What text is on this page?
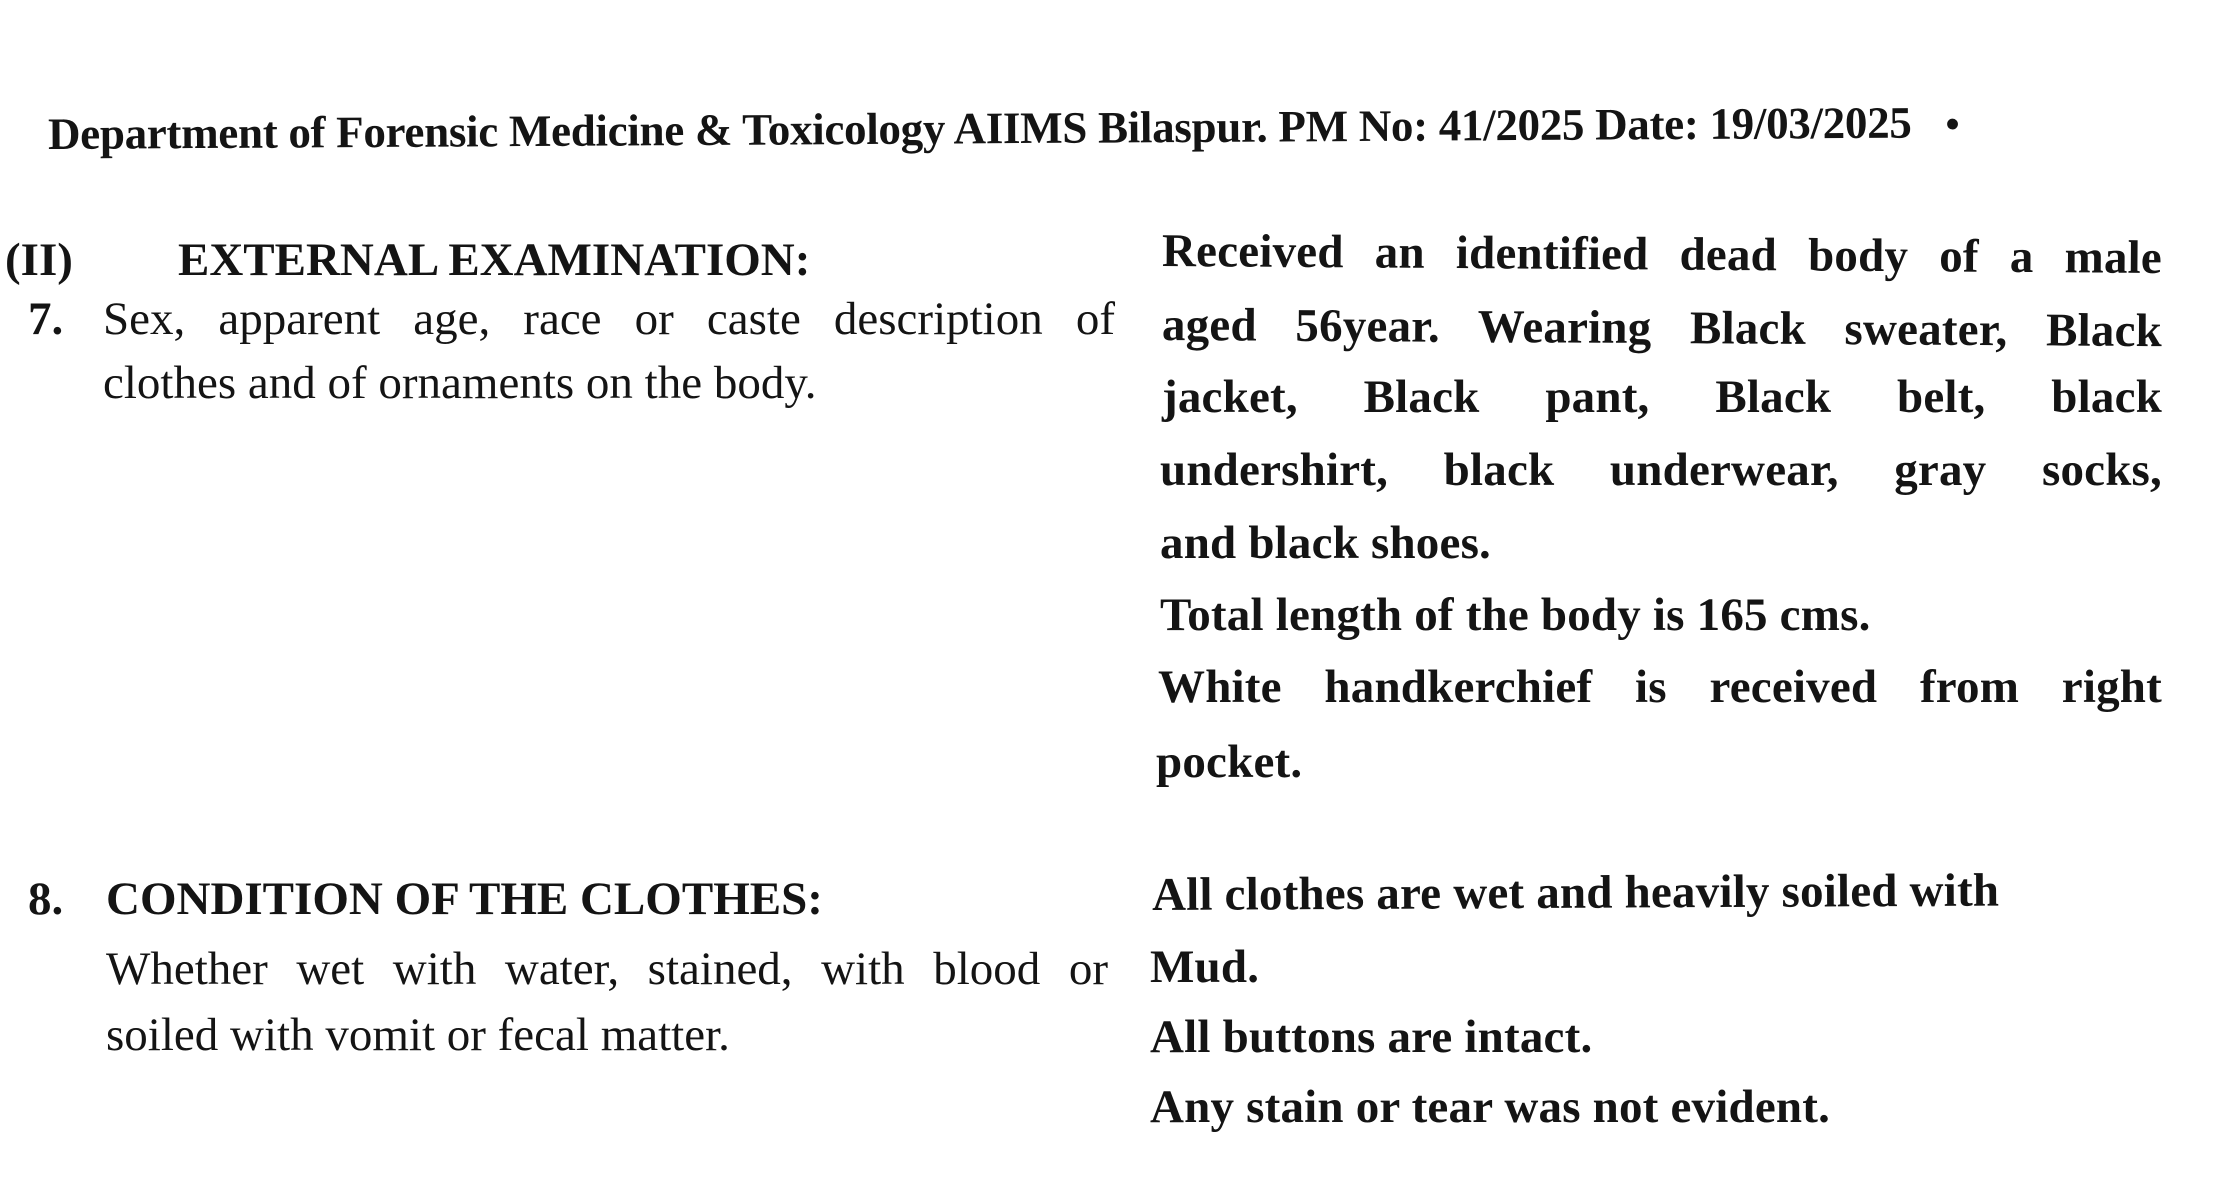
Department of Forensic Medicine & Toxicology AIIMS Bilaspur. PM No: 41/2025 Date: 19/03/2025 •
(II) EXTERNAL EXAMINATION:
7. Sex, apparent age, race or caste description of
clothes and of ornaments on the body.
Received an identified dead body of a male
aged 56year. Wearing Black sweater, Black
jacket, Black pant, Black belt, black
undershirt, black underwear, gray socks,
and black shoes.
Total length of the body is 165 cms.
White handkerchief is received from right
pocket.
8. CONDITION OF THE CLOTHES:
Whether wet with water, stained, with blood or
soiled with vomit or fecal matter.
All clothes are wet and heavily soiled with
Mud.
All buttons are intact.
Any stain or tear was not evident.
